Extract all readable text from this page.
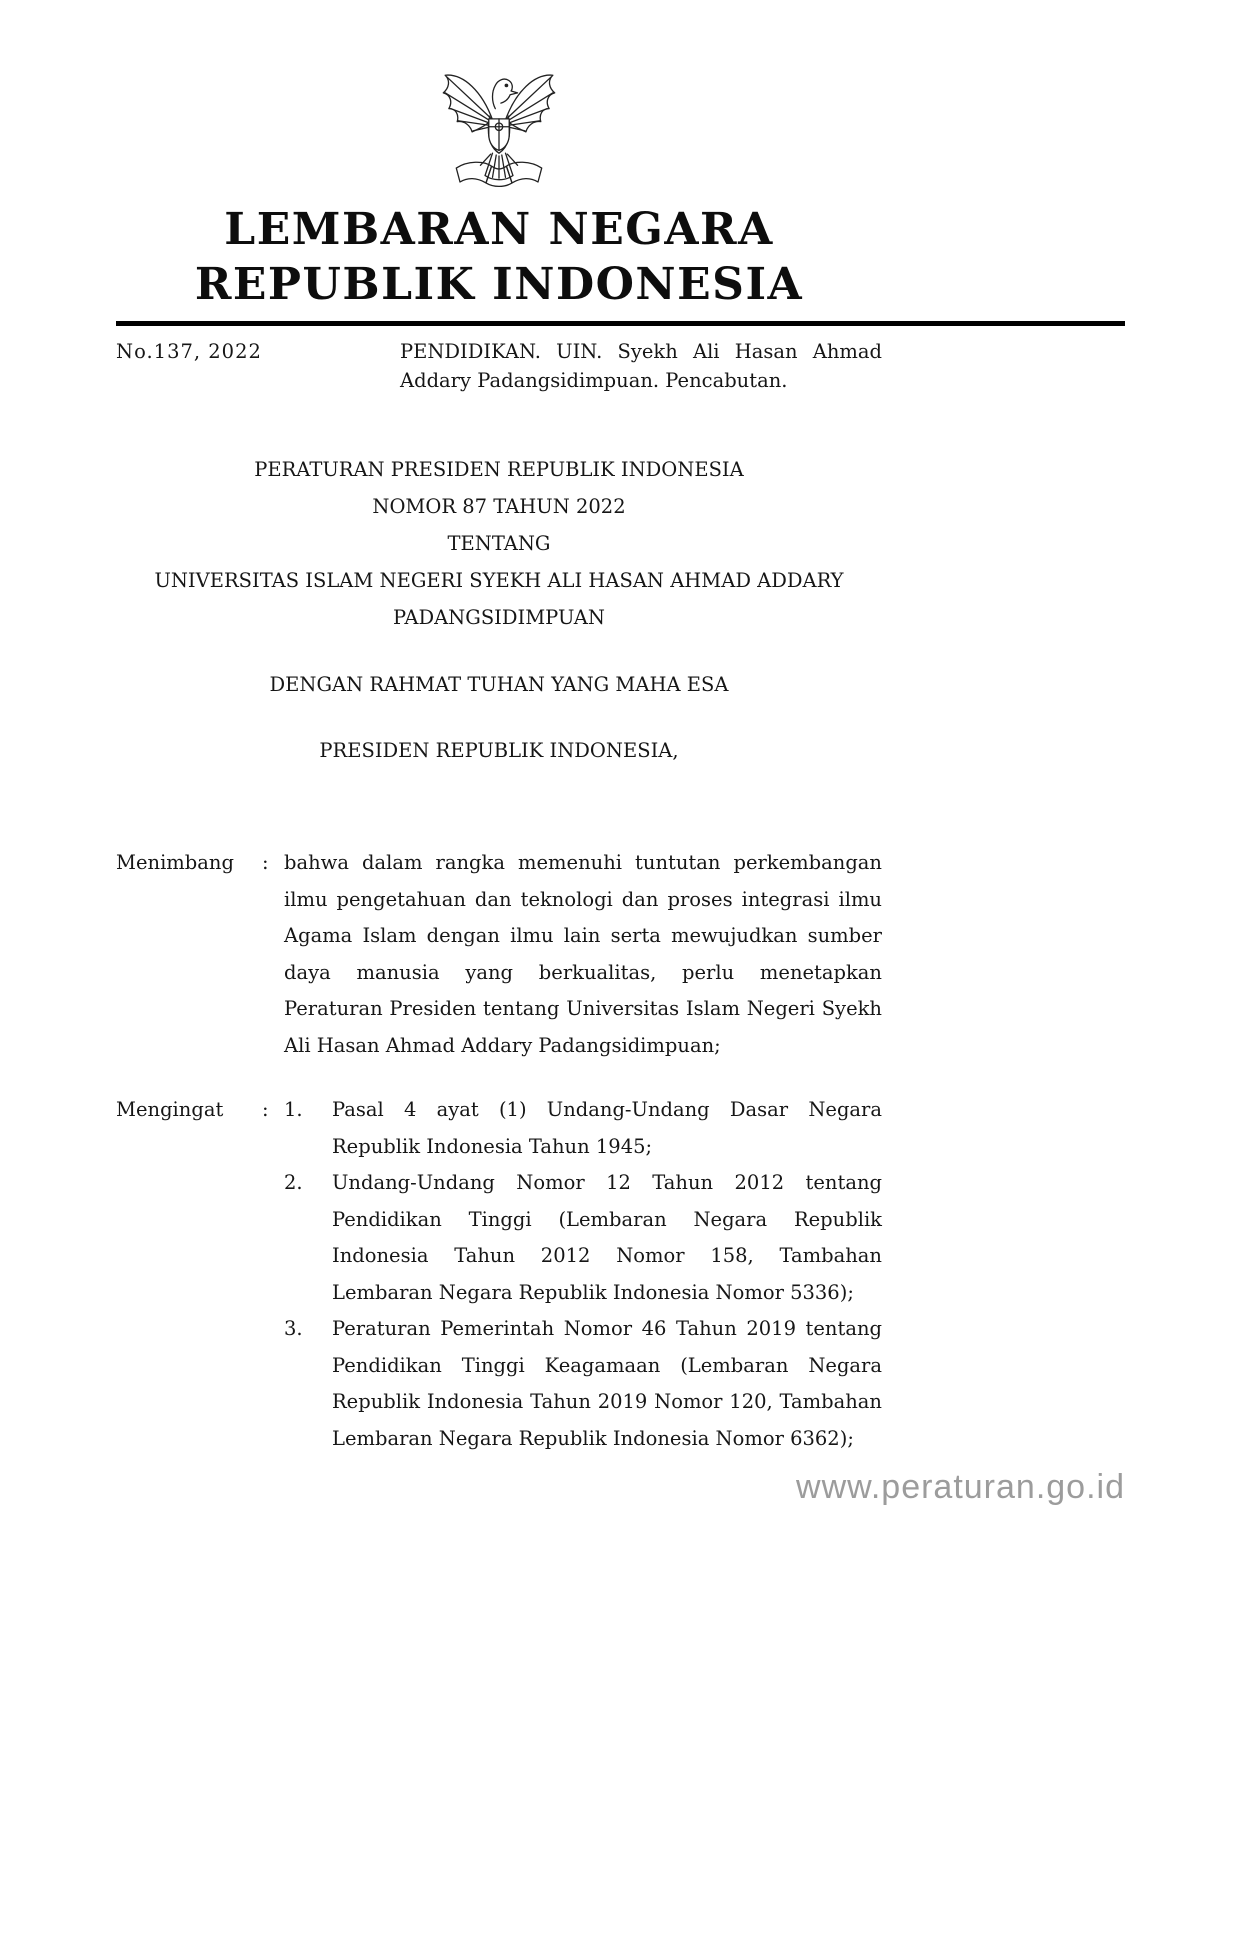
LEMBARAN NEGARA
REPUBLIK INDONESIA
No.137, 2022	PENDIDIKAN. UIN. Syekh Ali Hasan Ahmad Addary Padangsidimpuan. Pencabutan.

PERATURAN PRESIDEN REPUBLIK INDONESIA

NOMOR 87 TAHUN 2022

TENTANG

UNIVERSITAS ISLAM NEGERI SYEKH ALI HASAN AHMAD ADDARY

PADANGSIDIMPUAN

DENGAN RAHMAT TUHAN YANG MAHA ESA

PRESIDEN REPUBLIK INDONESIA,

Menimbang	: bahwa dalam rangka memenuhi tuntutan perkembangan ilmu pengetahuan dan teknologi dan proses integrasi ilmu Agama Islam dengan ilmu lain serta mewujudkan sumber daya manusia yang berkualitas, perlu menetapkan Peraturan Presiden tentang Universitas Islam Negeri Syekh Ali Hasan Ahmad Addary Padangsidimpuan;
Mengingat	: 1.	Pasal 4 ayat (1) Undang-Undang Dasar Negara Republik Indonesia Tahun 1945;
2.	Undang-Undang Nomor 12 Tahun 2012 tentang Pendidikan Tinggi (Lembaran Negara Republik Indonesia Tahun 2012 Nomor 158, Tambahan Lembaran Negara Republik Indonesia Nomor 5336);
3.	Peraturan Pemerintah Nomor 46 Tahun 2019 tentang Pendidikan Tinggi Keagamaan (Lembaran Negara Republik Indonesia Tahun 2019 Nomor 120, Tambahan Lembaran Negara Republik Indonesia Nomor 6362);
www.peraturan.go.id
